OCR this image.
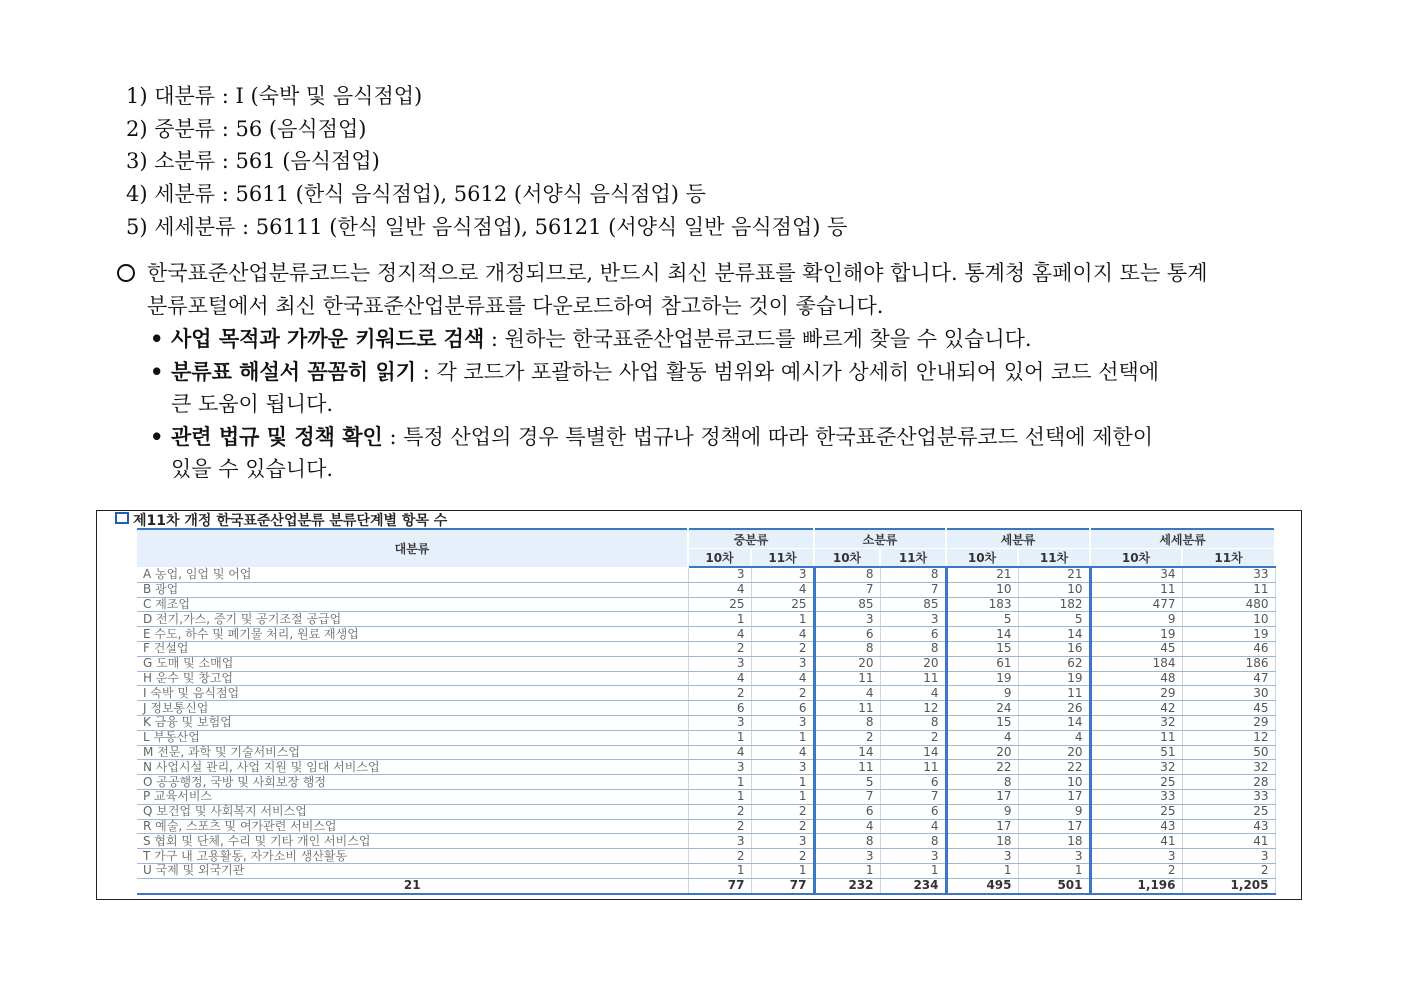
1) 대분류 : I (숙박 및 음식점업)
2) 중분류 : 56 (음식점업)
3) 소분류 : 561 (음식점업)
4) 세분류 : 5611 (한식 음식점업), 5612 (서양식 음식점업) 등
5) 세세분류 : 56111 (한식 일반 음식점업), 56121 (서양식 일반 음식점업) 등
한국표준산업분류코드는 정지적으로 개정되므로, 반드시 최신 분류표를 확인해야 합니다. 통계청 홈페이지 또는 통계
분류포털에서 최신 한국표준산업분류표를 다운로드하여 참고하는 것이 좋습니다.
• 사업 목적과 가까운 키워드로 검색 : 원하는 한국표준산업분류코드를 빠르게 찾을 수 있습니다.
• 분류표 해설서 꼼꼼히 읽기 : 각 코드가 포괄하는 사업 활동 범위와 예시가 상세히 안내되어 있어 코드 선택에
큰 도움이 됩니다.
• 관련 법규 및 정책 확인 : 특정 산업의 경우 특별한 법규나 정책에 따라 한국표준산업분류코드 선택에 제한이
있을 수 있습니다.
제11차 개정 한국표준산업분류 분류단계별 항목 수
대분류	중분류		소분류		세분류		세세분류	
	10차	11차	10차	11차	10차	11차	10차	11차
A 농업, 임업 및 어업	3	3	8	8	21	21	34	33
B 광업	4	4	7	7	10	10	11	11
C 제조업	25	25	85	85	183	182	477	480
D 전기,가스, 증기 및 공기조절 공급업	1	1	3	3	5	5	9	10
E 수도, 하수 및 폐기물 처리, 원료 재생업	4	4	6	6	14	14	19	19
F 건설업	2	2	8	8	15	16	45	46
G 도매 및 소매업	3	3	20	20	61	62	184	186
H 운수 및 창고업	4	4	11	11	19	19	48	47
I 숙박 및 음식점업	2	2	4	4	9	11	29	30
J 정보통신업	6	6	11	12	24	26	42	45
K 금융 및 보험업	3	3	8	8	15	14	32	29
L 부동산업	1	1	2	2	4	4	11	12
M 전문, 과학 및 기술서비스업	4	4	14	14	20	20	51	50
N 사업시설 관리, 사업 지원 및 임대 서비스업	3	3	11	11	22	22	32	32
O 공공행정, 국방 및 사회보장 행정	1	1	5	6	8	10	25	28
P 교육서비스	1	1	7	7	17	17	33	33
Q 보건업 및 사회복지 서비스업	2	2	6	6	9	9	25	25
R 예술, 스포츠 및 여가관련 서비스업	2	2	4	4	17	17	43	43
S 협회 및 단체, 수리 및 기타 개인 서비스업	3	3	8	8	18	18	41	41
T 가구 내 고용활동, 자가소비 생산활동	2	2	3	3	3	3	3	3
U 국제 및 외국기관	1	1	1	1	1	1	2	2
21	77	77	232	234	495	501	1,196	1,205
